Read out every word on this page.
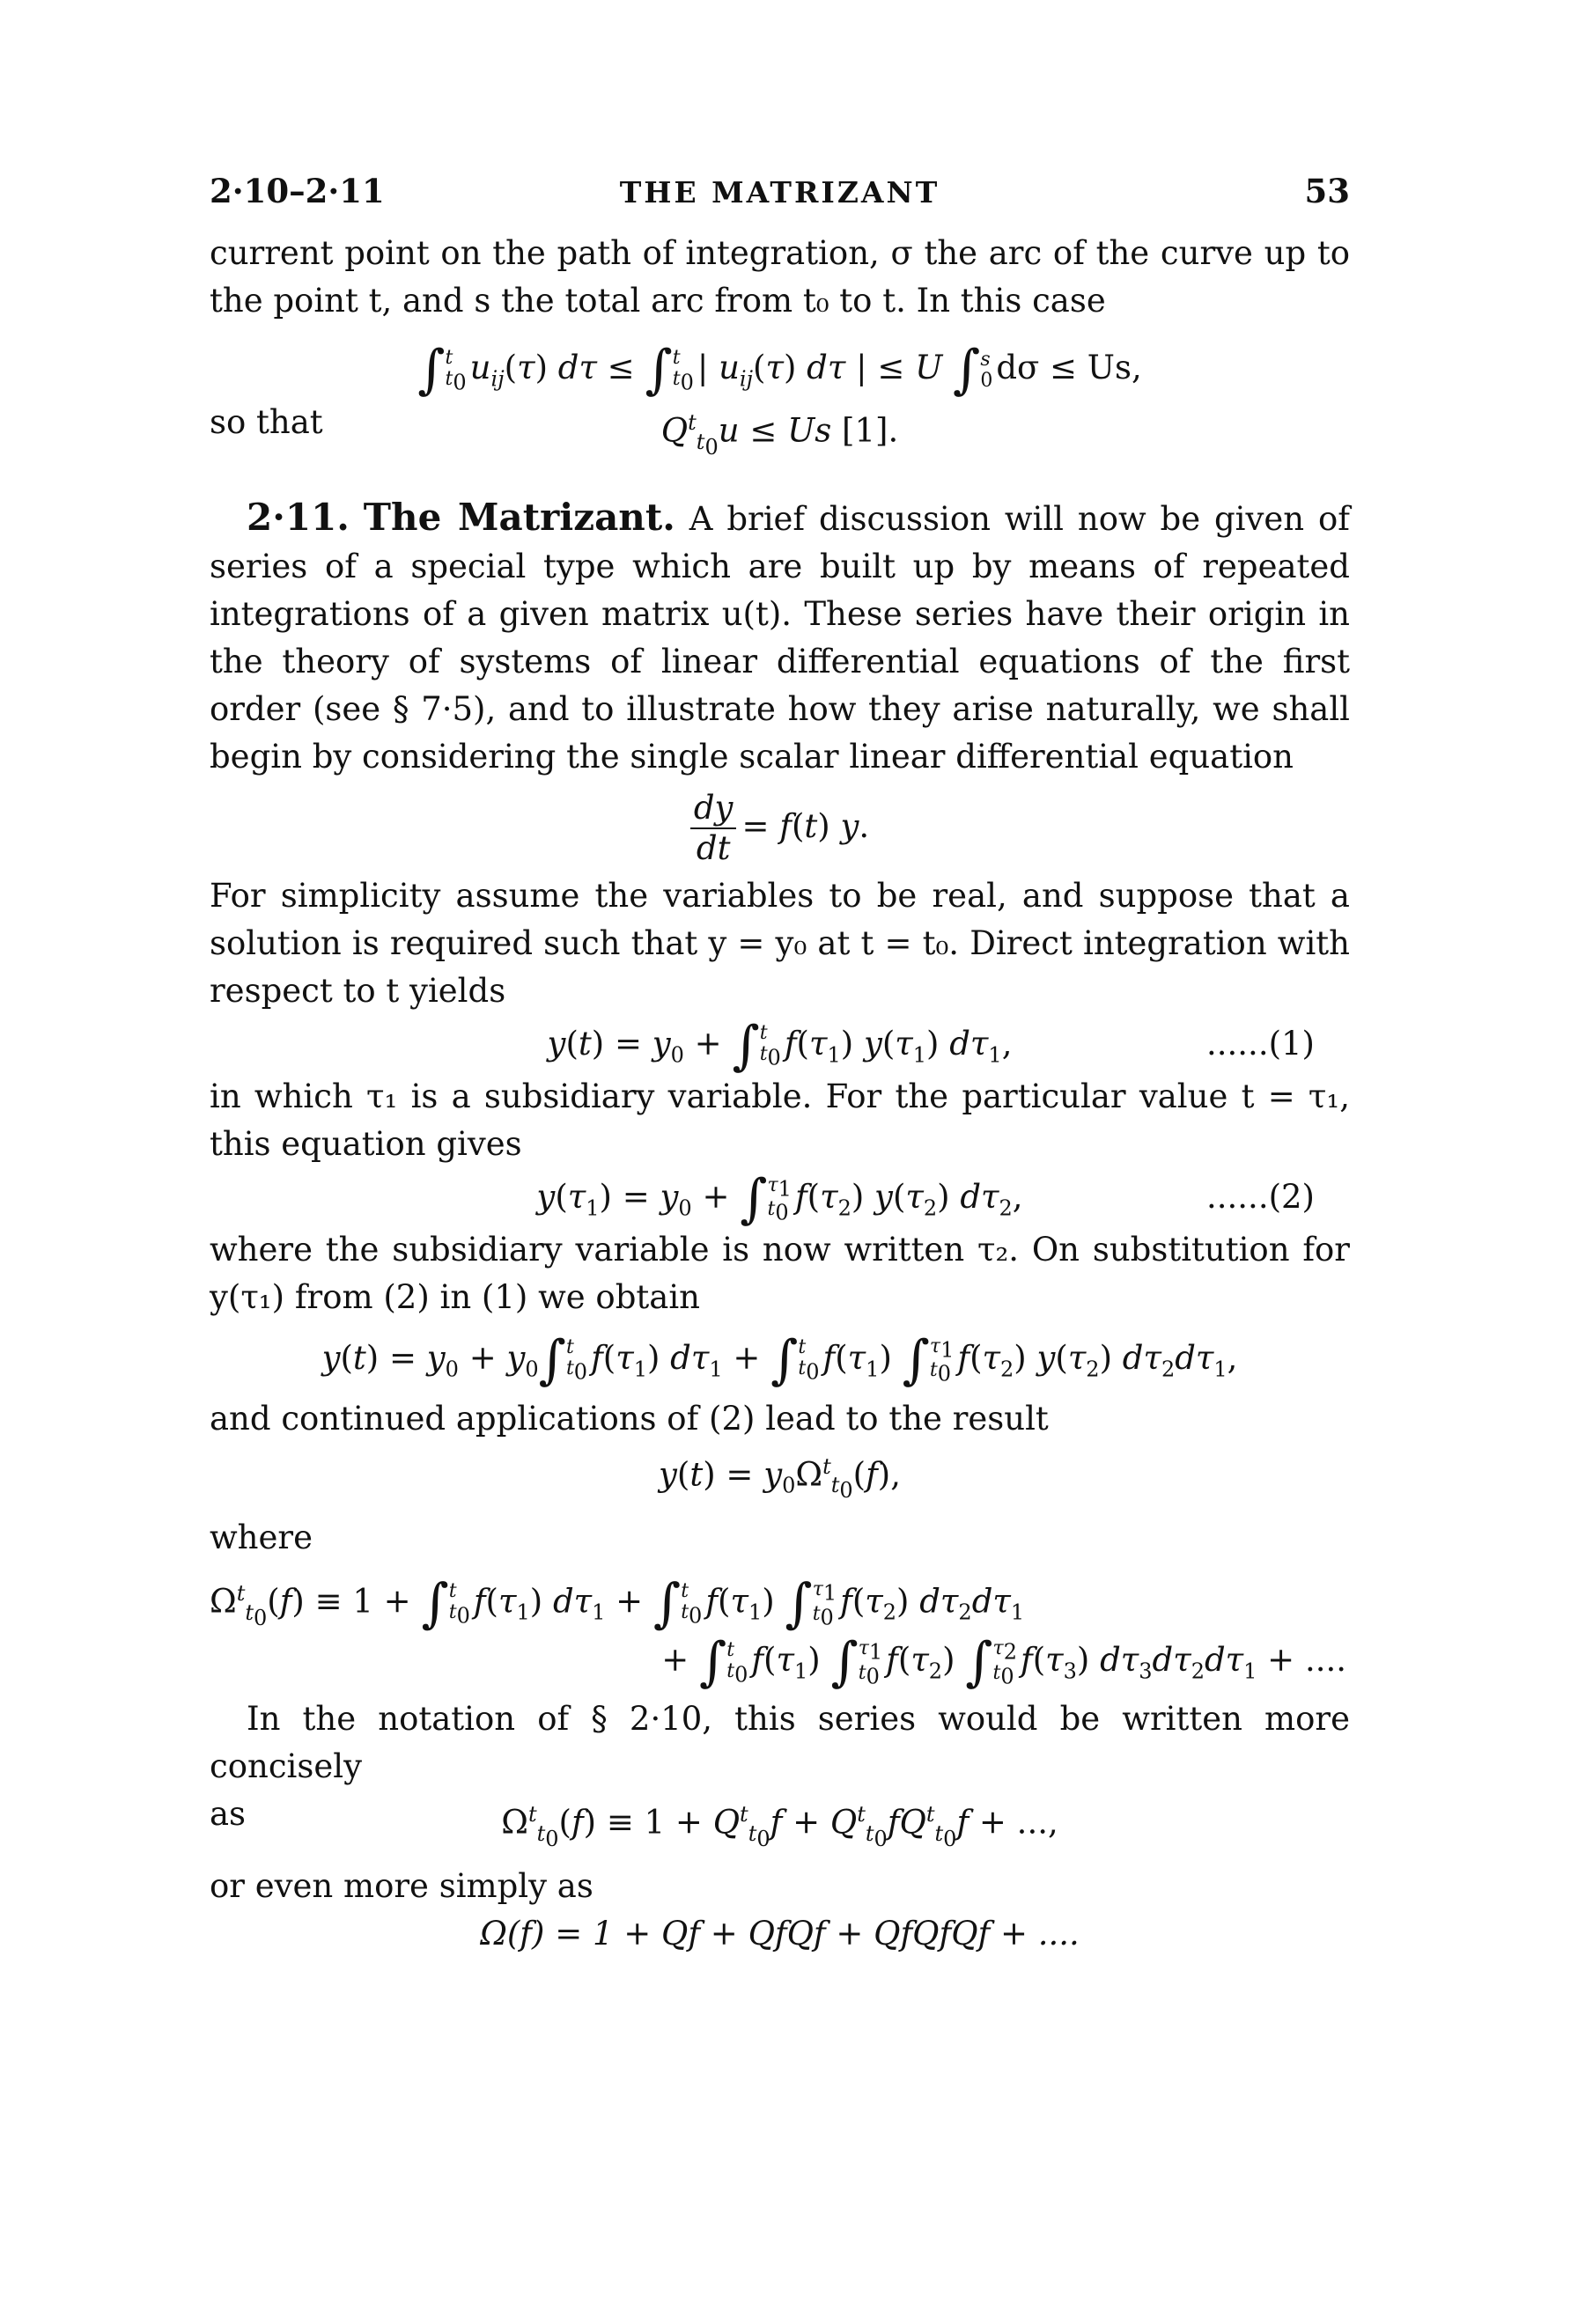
2·10–2·11	THE MATRIZANT	53

current point on the path of integration, σ the arc of the curve up to the point t, and s the total arc from t₀ to t. In this case

∫ t
$t_0$ $u_{ij}(\tau) d\tau$ ≤ ∫ t
$t_0$ | $u_{ij}(\tau)$ dτ | ≤ U ∫ s
0 dσ ≤ Us,
so that	$Q^t_{t_0}u \le Us$ [1].

2·11. The Matrizant. A brief discussion will now be given of series of a special type which are built up by means of repeated integrations of a given matrix u(t). These series have their origin in the theory of systems of linear differential equations of the first order (see § 7·5), and to illustrate how they arise naturally, we shall begin by considering the single scalar linear differential equation

$\frac{dy}{dt} = f(t)$ y.

For simplicity assume the variables to be real, and suppose that a solution is required such that y = y₀ at t = t₀. Direct integration with respect to t yields

$y(t) = y_0$ + ∫ t
$t_0$ $f(\tau_1)$ $y(\tau_1)$ $d\tau_1$,	......(1)

in which τ₁ is a subsidiary variable. For the particular value t = τ₁, this equation gives

$y(\tau_1) = y_0$ + ∫ $\tau_1$
$t_0$ $f(\tau_2)$ $y(\tau_2)$ $d\tau_2$,	......(2)

where the subsidiary variable is now written τ₂. On substitution for y(τ₁) from (2) in (1) we obtain

$y(t) = y_0 + y_0\int$ t
$t_0$ $f(\tau_1) d\tau_1$ + ∫ t
$t_0$ $f(\tau_1)$ ∫ $\tau_1$
$t_0$ $f(\tau_2)$ $y(\tau_2)$ $d\tau_2d\tau_1$,

and continued applications of (2) lead to the result

$y(t) = y_0\Omega^t_{t_0}(f)$,

where

$\Omega^t_{t_0}(f) \equiv 1$ + ∫ t
$t_0$ $f(\tau_1) d\tau_1$ + ∫ t
$t_0$ $f(\tau_1)$ ∫ $\tau_1$
$t_0$ $f(\tau_2)$ $d\tau_2d\tau_1$
+ ∫ t
$t_0$ $f(\tau_1)$ ∫ $\tau_1$
$t_0$ $f(\tau_2)$ ∫ $\tau_2$
$t_0$ $f(\tau_3) d\tau_3d\tau_2d\tau_1$ + ....

In the notation of § 2·10, this series would be written more concisely

as	$\Omega^t_{t_0}(f) \equiv 1 + Q^t_{t_0}f + Q^t_{t_0}fQ^t_{t_0}f$ + ...,

or even more simply as

Ω(f) = 1 + Qf + QfQf + QfQfQf + ....
